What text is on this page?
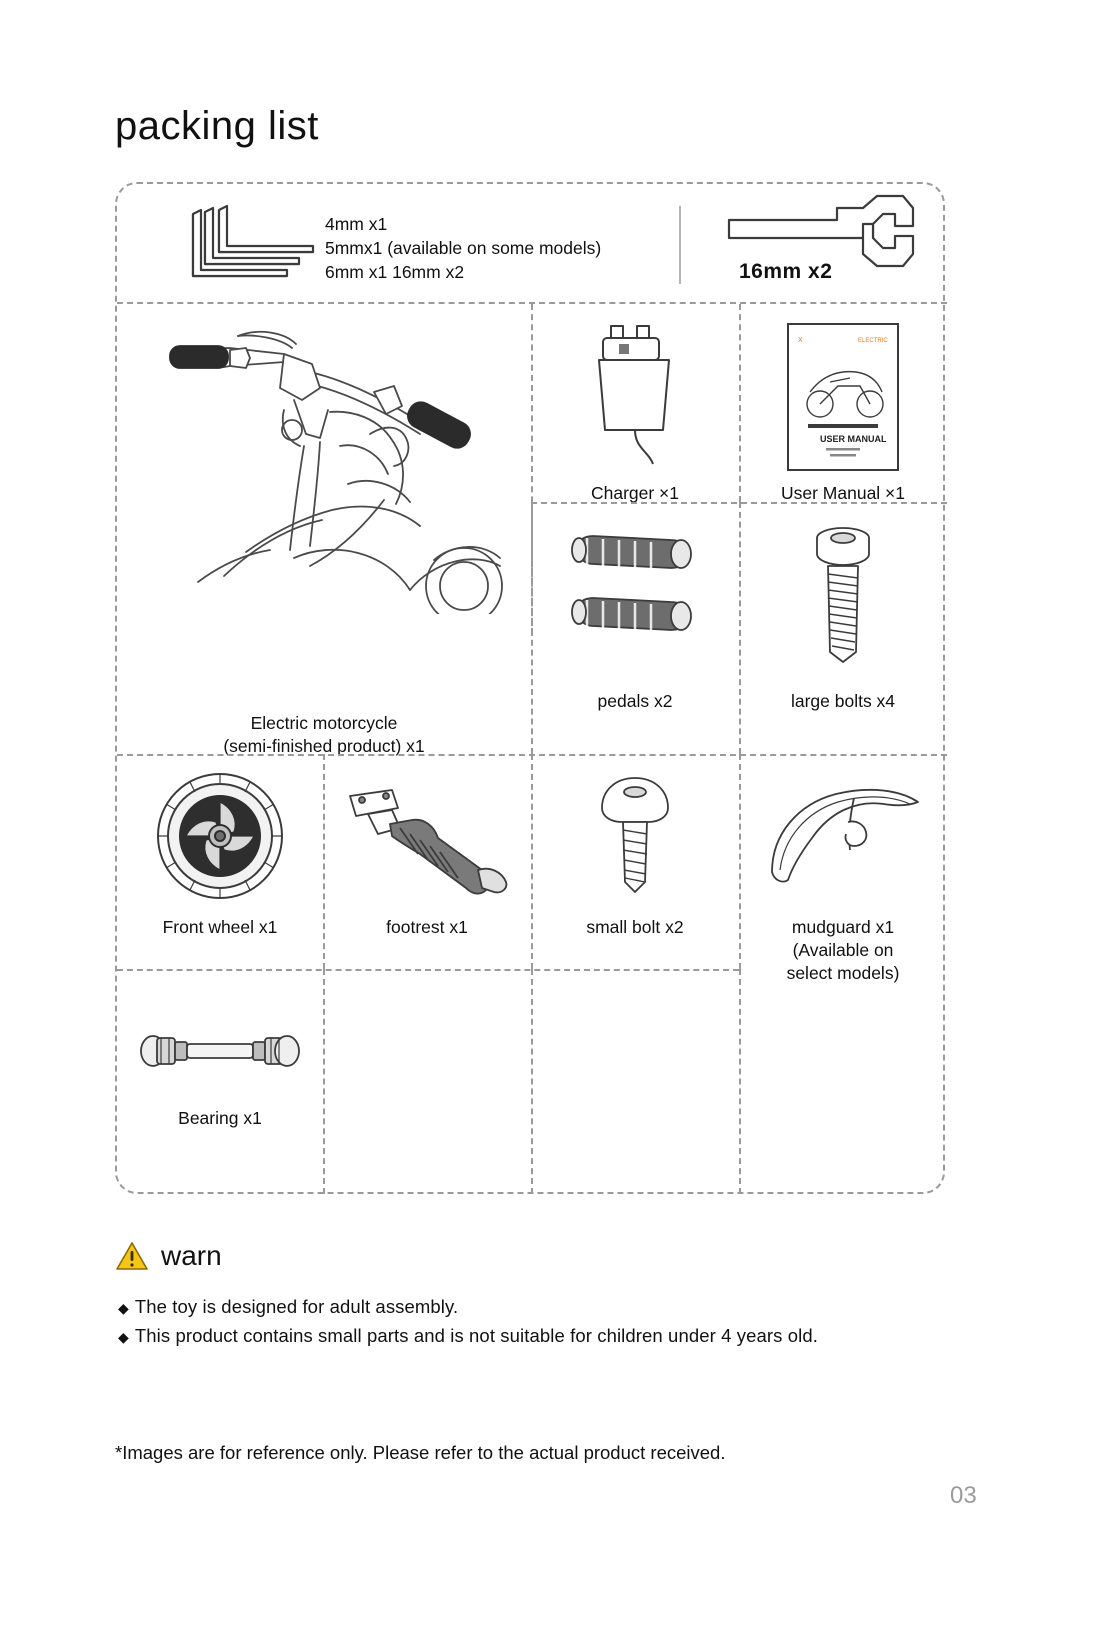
packing list
4mm x1
5mmx1 (available on some models)
6mm x1 16mm x2	16mm x2
Charger ×1
X	ELECTRIC
USER MANUAL
User Manual ×1
pedals x2	large bolts x4
Electric motorcycle
(semi-finished product) x1
Front wheel x1	footrest x1	small bolt x2	mudguard x1
(Available on
select models)
Bearing x1
warn
◆ The toy is designed for adult assembly.
◆ This product contains small parts and is not suitable for children under 4 years old.
*Images are for reference only. Please refer to the actual product received.
03
